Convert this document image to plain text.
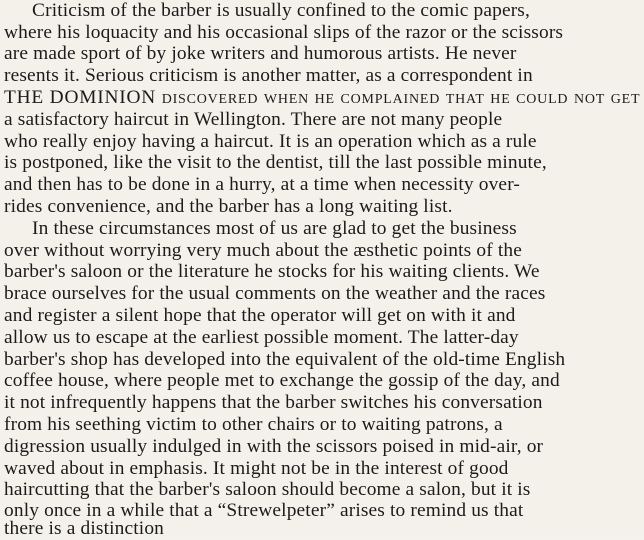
Criticism of the barber is usually confined to the comic papers,
where his loquacity and his occasional slips of the razor or the scissors
are made sport of by joke writers and humorous artists. He never
resents it. Serious criticism is another matter, as a correspondent in
THE DOMINION discovered when he complained that he could not get
a satisfactory haircut in Wellington. There are not many people
who really enjoy having a haircut. It is an operation which as a rule
is postponed, like the visit to the dentist, till the last possible minute,
and then has to be done in a hurry, at a time when necessity over-
rides convenience, and the barber has a long waiting list.
In these circumstances most of us are glad to get the business
over without worrying very much about the æsthetic points of the
barber's saloon or the literature he stocks for his waiting clients. We
brace ourselves for the usual comments on the weather and the races
and register a silent hope that the operator will get on with it and
allow us to escape at the earliest possible moment. The latter-day
barber's shop has developed into the equivalent of the old-time English
coffee house, where people met to exchange the gossip of the day, and
it not infrequently happens that the barber switches his conversation
from his seething victim to other chairs or to waiting patrons, a
digression usually indulged in with the scissors poised in mid-air, or
waved about in emphasis. It might not be in the interest of good
haircutting that the barber's saloon should become a salon, but it is
only once in a while that a “Strewelpeter” arises to remind us that
there is a distinction
